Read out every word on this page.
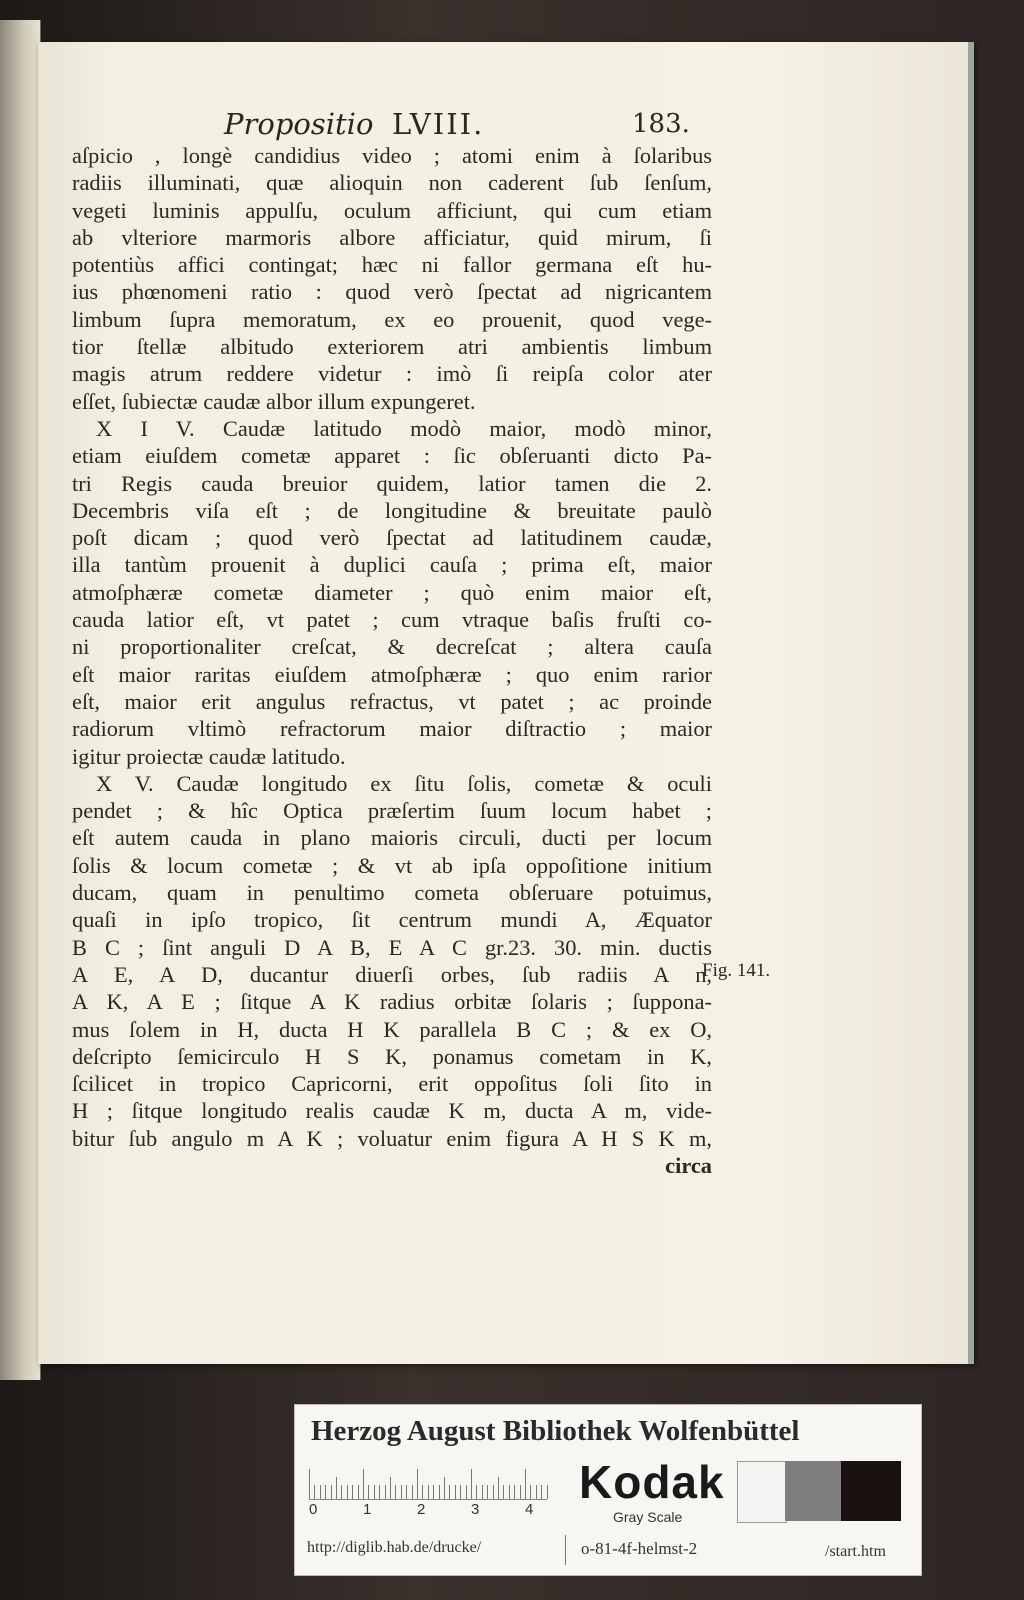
Propositio LVIII.	183.
aſpicio , longè candidius video ; atomi enim à ſolaribus
radiis illuminati, quæ alioquin non caderent ſub ſenſum,
vegeti luminis appulſu, oculum afficiunt, qui cum etiam
ab vlteriore marmoris albore afficiatur, quid mirum, ſi
potentiùs affici contingat; hæc ni fallor germana eſt hu-
ius phœnomeni ratio : quod verò ſpectat ad nigricantem
limbum ſupra memoratum, ex eo prouenit, quod vege-
tior ſtellæ albitudo exteriorem atri ambientis limbum
magis atrum reddere videtur : imò ſi reipſa color ater
eſſet, ſubiectæ caudæ albor illum expungeret.
X I V. Caudæ latitudo modò maior, modò minor,
etiam eiuſdem cometæ apparet : ſic obſeruanti dicto Pa-
tri Regis cauda breuior quidem, latior tamen die 2.
Decembris viſa eſt ; de longitudine & breuitate paulò
poſt dicam ; quod verò ſpectat ad latitudinem caudæ,
illa tantùm prouenit à duplici cauſa ; prima eſt, maior
atmoſphæræ cometæ diameter ; quò enim maior eſt,
cauda latior eſt, vt patet ; cum vtraque baſis fruſti co-
ni proportionaliter creſcat, & decreſcat ; altera cauſa
eſt maior raritas eiuſdem atmoſphæræ ; quo enim rarior
eſt, maior erit angulus refractus, vt patet ; ac proinde
radiorum vltimò refractorum maior diſtractio ; maior
igitur proiectæ caudæ latitudo.
X V. Caudæ longitudo ex ſitu ſolis, cometæ & oculi
pendet ; & hîc Optica præſertim ſuum locum habet ;
eſt autem cauda in plano maioris circuli, ducti per locum
ſolis & locum cometæ ; & vt ab ipſa oppoſitione initium
ducam, quam in penultimo cometa obſeruare potuimus,
quaſi in ipſo tropico, ſit centrum mundi A, Æquator
B C ; ſint anguli D A B, E A C gr.23. 30. min. ductis
A E, A D, ducantur diuerſi orbes, ſub radiis A n,
A K, A E ; ſitque A K radius orbitæ ſolaris ; ſuppona-
mus ſolem in H, ducta H K parallela B C ; & ex O,
deſcripto ſemicirculo H S K, ponamus cometam in K,
ſcilicet in tropico Capricorni, erit oppoſitus ſoli ſito in
H ; ſitque longitudo realis caudæ K m, ducta A m, vide-
bitur ſub angulo m A K ; voluatur enim figura A H S K m,
circa
Fig. 141.
Herzog August Bibliothek Wolfenbüttel
0	1	2	3	4
Kodak
Gray Scale
http://diglib.hab.de/drucke/	o-81-4f-helmst-2	/start.htm
